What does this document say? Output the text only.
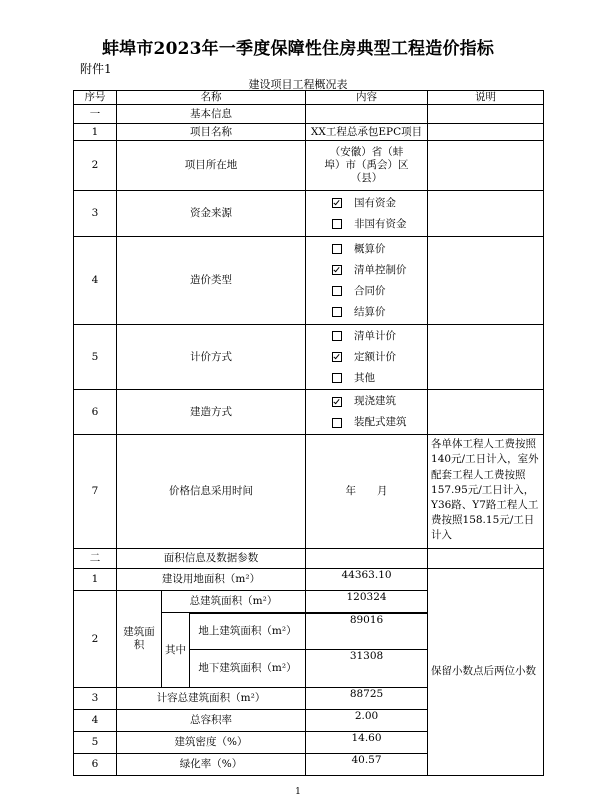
蚌埠市2023年一季度保障性住房典型工程造价指标
附件1
建设项目工程概况表
序号	名称			内容	说明
一	基本信息				
1	项目名称			XX工程总承包EPC项目	
2	项目所在地			（安徽）省（蚌
埠）市（禹会）区
（县）	

3	资金来源			国有资金
非国有资金	

4	造价类型			概算价
清单控制价
合同价
结算价	

5	计价方式			清单计价
定额计价
其他	

6	建造方式			现浇建筑
装配式建筑	

7	价格信息采用时间			年　　月	各单体工程人工费按照140元/工日计入，室外配套工程人工费按照157.95元/工日计入，Y36路、Y7路工程人工费按照158.15元/工日计入
二	面积信息及数据参数				
1	建设用地面积（m²）			44363.10	保留小数点后两位小数
2	建筑面积	总建筑面积（m²）		120324	
		其中		
			地上建筑面积（m²）	89016	
			地下建筑面积（m²）	31308	
3	计容总建筑面积（m²）			88725	
4	总容积率			2.00	
5	建筑密度（%）			14.60	
6	绿化率（%）			40.57	
1
